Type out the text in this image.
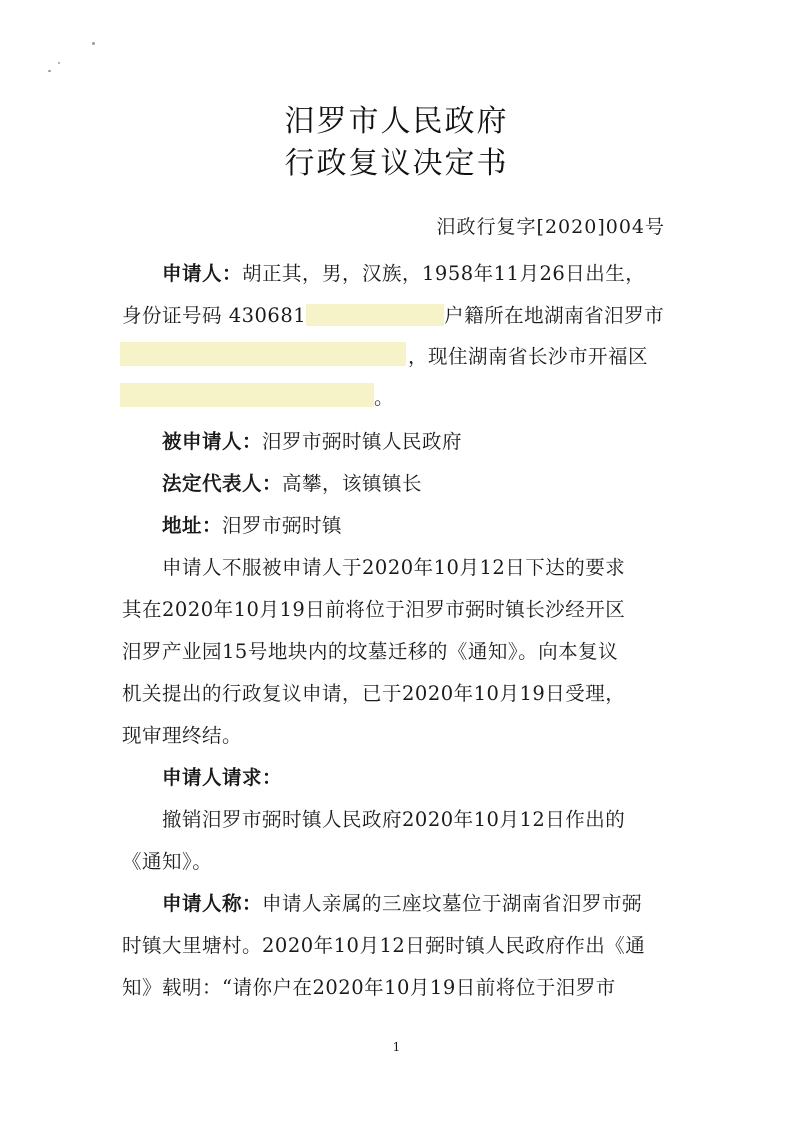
汨罗市人民政府
行政复议决定书
汨政行复字[2020]004号
申请人：胡正其，男，汉族，1958年11月26日出生，
身份证号码 430681	户籍所在地湖南省汨罗市
，现住湖南省长沙市开福区
。
被申请人：汨罗市弼时镇人民政府
法定代表人：高攀，该镇镇长
地址：汨罗市弼时镇
申请人不服被申请人于2020年10月12日下达的要求
其在2020年10月19日前将位于汨罗市弼时镇长沙经开区
汨罗产业园15号地块内的坟墓迁移的《通知》。向本复议
机关提出的行政复议申请，已于2020年10月19日受理，
现审理终结。
申请人请求：
撤销汨罗市弼时镇人民政府2020年10月12日作出的
《通知》。
申请人称：申请人亲属的三座坟墓位于湖南省汨罗市弼
时镇大里塘村。2020年10月12日弼时镇人民政府作出《通
知》载明：“请你户在2020年10月19日前将位于汨罗市
1
